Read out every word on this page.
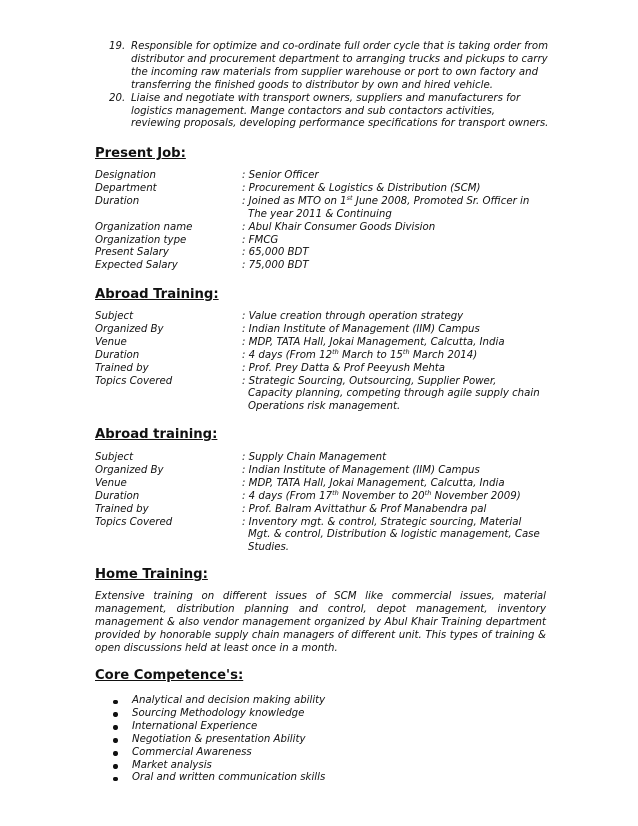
19. Responsible for optimize and co-ordinate full order cycle that is taking order from
distributor and procurement department to arranging trucks and pickups to carry
the incoming raw materials from supplier warehouse or port to own factory and
transferring the finished goods to distributor by own and hired vehicle.
20. Liaise and negotiate with transport owners, suppliers and manufacturers for
logistics management. Mange contactors and sub contactors activities,
reviewing proposals, developing performance specifications for transport owners.
Present Job:
Designation	: Senior Officer
Department	: Procurement & Logistics & Distribution (SCM)
Duration	: Joined as MTO on 1st June 2008, Promoted Sr. Officer in
The year 2011 & Continuing
Organization name	: Abul Khair Consumer Goods Division
Organization type	: FMCG
Present Salary	: 65,000 BDT
Expected Salary	: 75,000 BDT
Abroad Training:
Subject	: Value creation through operation strategy
Organized By	: Indian Institute of Management (IIM) Campus
Venue	: MDP, TATA Hall, Jokai Management, Calcutta, India
Duration	: 4 days (From 12th March to 15th March 2014)
Trained by	: Prof. Prey Datta & Prof Peeyush Mehta
Topics Covered	: Strategic Sourcing, Outsourcing, Supplier Power,
Capacity planning, competing through agile supply chain
Operations risk management.
Abroad training:
Subject	: Supply Chain Management
Organized By	: Indian Institute of Management (IIM) Campus
Venue	: MDP, TATA Hall, Jokai Management, Calcutta, India
Duration	: 4 days (From 17th November to 20th November 2009)
Trained by	: Prof. Balram Avittathur & Prof Manabendra pal
Topics Covered	: Inventory mgt. & control, Strategic sourcing, Material
Mgt. & control, Distribution & logistic management, Case
Studies.
Home Training:
Extensive training on different issues of SCM like commercial issues, material management, distribution planning and control, depot management, inventory management & also vendor management organized by Abul Khair Training department provided by honorable supply chain managers of different unit. This types of training & open discussions held at least once in a month.
Core Competence's:
Analytical and decision making ability
Sourcing Methodology knowledge
International Experience
Negotiation & presentation Ability
Commercial Awareness
Market analysis
Oral and written communication skills
